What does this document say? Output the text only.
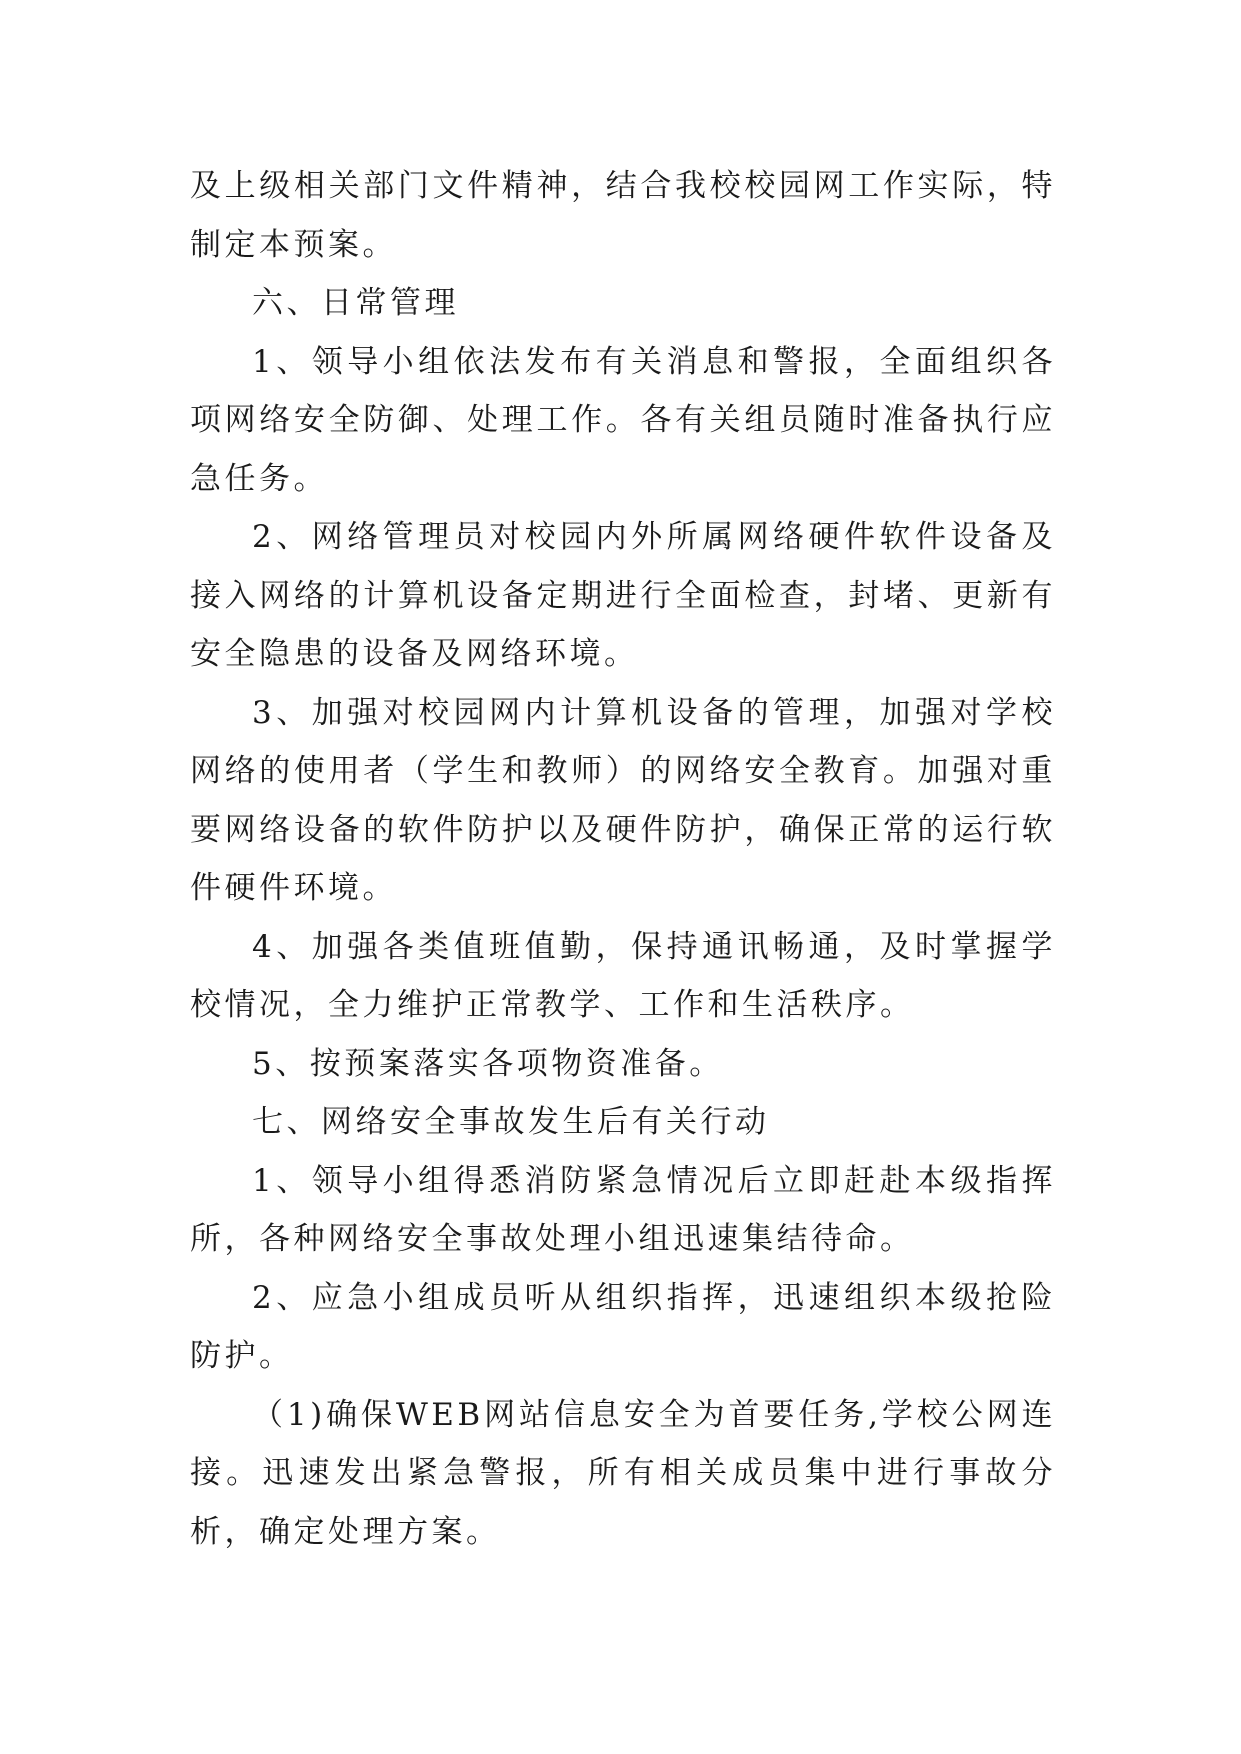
及上级相关部门文件精神，结合我校校园网工作实际，特制定本预案。

六、日常管理

1、领导小组依法发布有关消息和警报，全面组织各项网络安全防御、处理工作。各有关组员随时准备执行应急任务。

2、网络管理员对校园内外所属网络硬件软件设备及接入网络的计算机设备定期进行全面检查，封堵、更新有安全隐患的设备及网络环境。

3、加强对校园网内计算机设备的管理，加强对学校网络的使用者（学生和教师）的网络安全教育。加强对重要网络设备的软件防护以及硬件防护，确保正常的运行软件硬件环境。

4、加强各类值班值勤，保持通讯畅通，及时掌握学校情况，全力维护正常教学、工作和生活秩序。

5、按预案落实各项物资准备。

七、网络安全事故发生后有关行动

1、领导小组得悉消防紧急情况后立即赶赴本级指挥所，各种网络安全事故处理小组迅速集结待命。

2、应急小组成员听从组织指挥，迅速组织本级抢险防护。

（1)确保WEB网站信息安全为首要任务,学校公网连接。迅速发出紧急警报，所有相关成员集中进行事故分析，确定处理方案。
